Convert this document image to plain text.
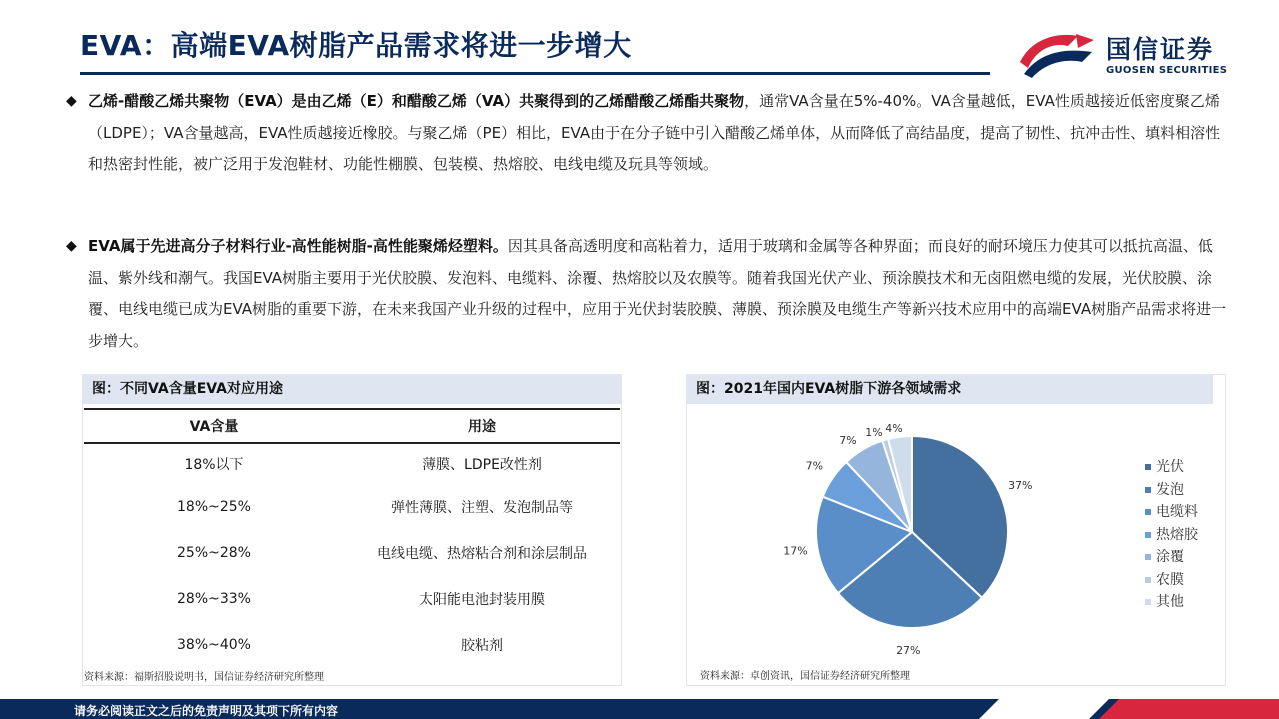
EVA：高端EVA树脂产品需求将进一步增大	国信证券
GUOSEN SECURITIES
◆ 乙烯-醋酸乙烯共聚物（EVA）是由乙烯（E）和醋酸乙烯（VA）共聚得到的乙烯醋酸乙烯酯共聚物，通常VA含量在5%-40%。VA含量越低，EVA性质越接近低密度聚乙烯（LDPE）；VA含量越高，EVA性质越接近橡胶。与聚乙烯（PE）相比，EVA由于在分子链中引入醋酸乙烯单体，从而降低了高结晶度，提高了韧性、抗冲击性、填料相溶性和热密封性能，被广泛用于发泡鞋材、功能性棚膜、包装模、热熔胶、电线电缆及玩具等领域。
◆ EVA属于先进高分子材料行业-高性能树脂-高性能聚烯烃塑料。因其具备高透明度和高粘着力，适用于玻璃和金属等各种界面；而良好的耐环境压力使其可以抵抗高温、低温、紫外线和潮气。我国EVA树脂主要用于光伏胶膜、发泡料、电缆料、涂覆、热熔胶以及农膜等。随着我国光伏产业、预涂膜技术和无卤阻燃电缆的发展，光伏胶膜、涂覆、电线电缆已成为EVA树脂的重要下游，在未来我国产业升级的过程中，应用于光伏封装胶膜、薄膜、预涂膜及电缆生产等新兴技术应用中的高端EVA树脂产品需求将进一步增大。
图：不同VA含量EVA对应用途
VA含量	用途
18%以下	薄膜、LDPE改性剂
18%~25%	弹性薄膜、注塑、发泡制品等
25%~28%	电线电缆、热熔粘合剂和涂层制品
28%~33%	太阳能电池封装用膜
38%~40%	胶粘剂
资料来源：福斯招股说明书，国信证券经济研究所整理
图：2021年国内EVA树脂下游各领域需求
37%
27%
17%
7%
7%
1% 4%
光伏
发泡
电缆料
热熔胶
涂覆
农膜
其他
资料来源：卓创资讯，国信证券经济研究所整理
请务必阅读正文之后的免责声明及其项下所有内容
